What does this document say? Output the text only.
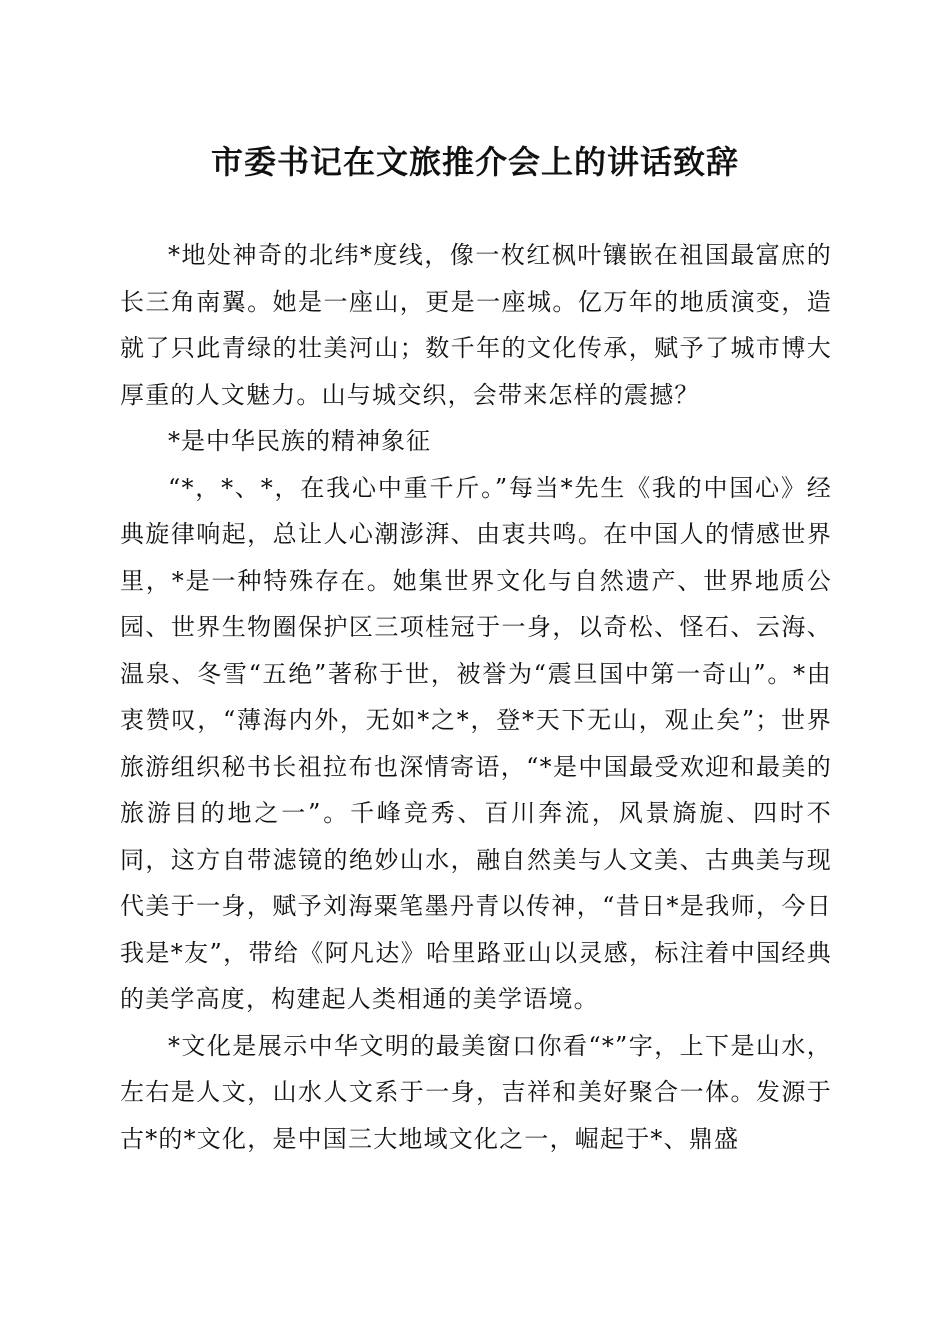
市委书记在文旅推介会上的讲话致辞

*地处神奇的北纬*度线，像一枚红枫叶镶嵌在祖国最富庶的长三角南翼。她是一座山，更是一座城。亿万年的地质演变，造就了只此青绿的壮美河山；数千年的文化传承，赋予了城市博大厚重的人文魅力。山与城交织，会带来怎样的震撼？

*是中华民族的精神象征

“*，*、*，在我心中重千斤。”每当*先生《我的中国心》经典旋律响起，总让人心潮澎湃、由衷共鸣。在中国人的情感世界里，*是一种特殊存在。她集世界文化与自然遗产、世界地质公园、世界生物圈保护区三项桂冠于一身，以奇松、怪石、云海、温泉、冬雪“五绝”著称于世，被誉为“震旦国中第一奇山”。*由衷赞叹，“薄海内外，无如*之*，登*天下无山，观止矣”；世界旅游组织秘书长祖拉布也深情寄语，“*是中国最受欢迎和最美的旅游目的地之一”。千峰竞秀、百川奔流，风景旖旎、四时不同，这方自带滤镜的绝妙山水，融自然美与人文美、古典美与现代美于一身，赋予刘海粟笔墨丹青以传神，“昔日*是我师，今日我是*友”，带给《阿凡达》哈里路亚山以灵感，标注着中国经典的美学高度，构建起人类相通的美学语境。

*文化是展示中华文明的最美窗口你看“*”字，上下是山水，左右是人文，山水人文系于一身，吉祥和美好聚合一体。发源于古*的*文化，是中国三大地域文化之一，崛起于*、鼎盛
